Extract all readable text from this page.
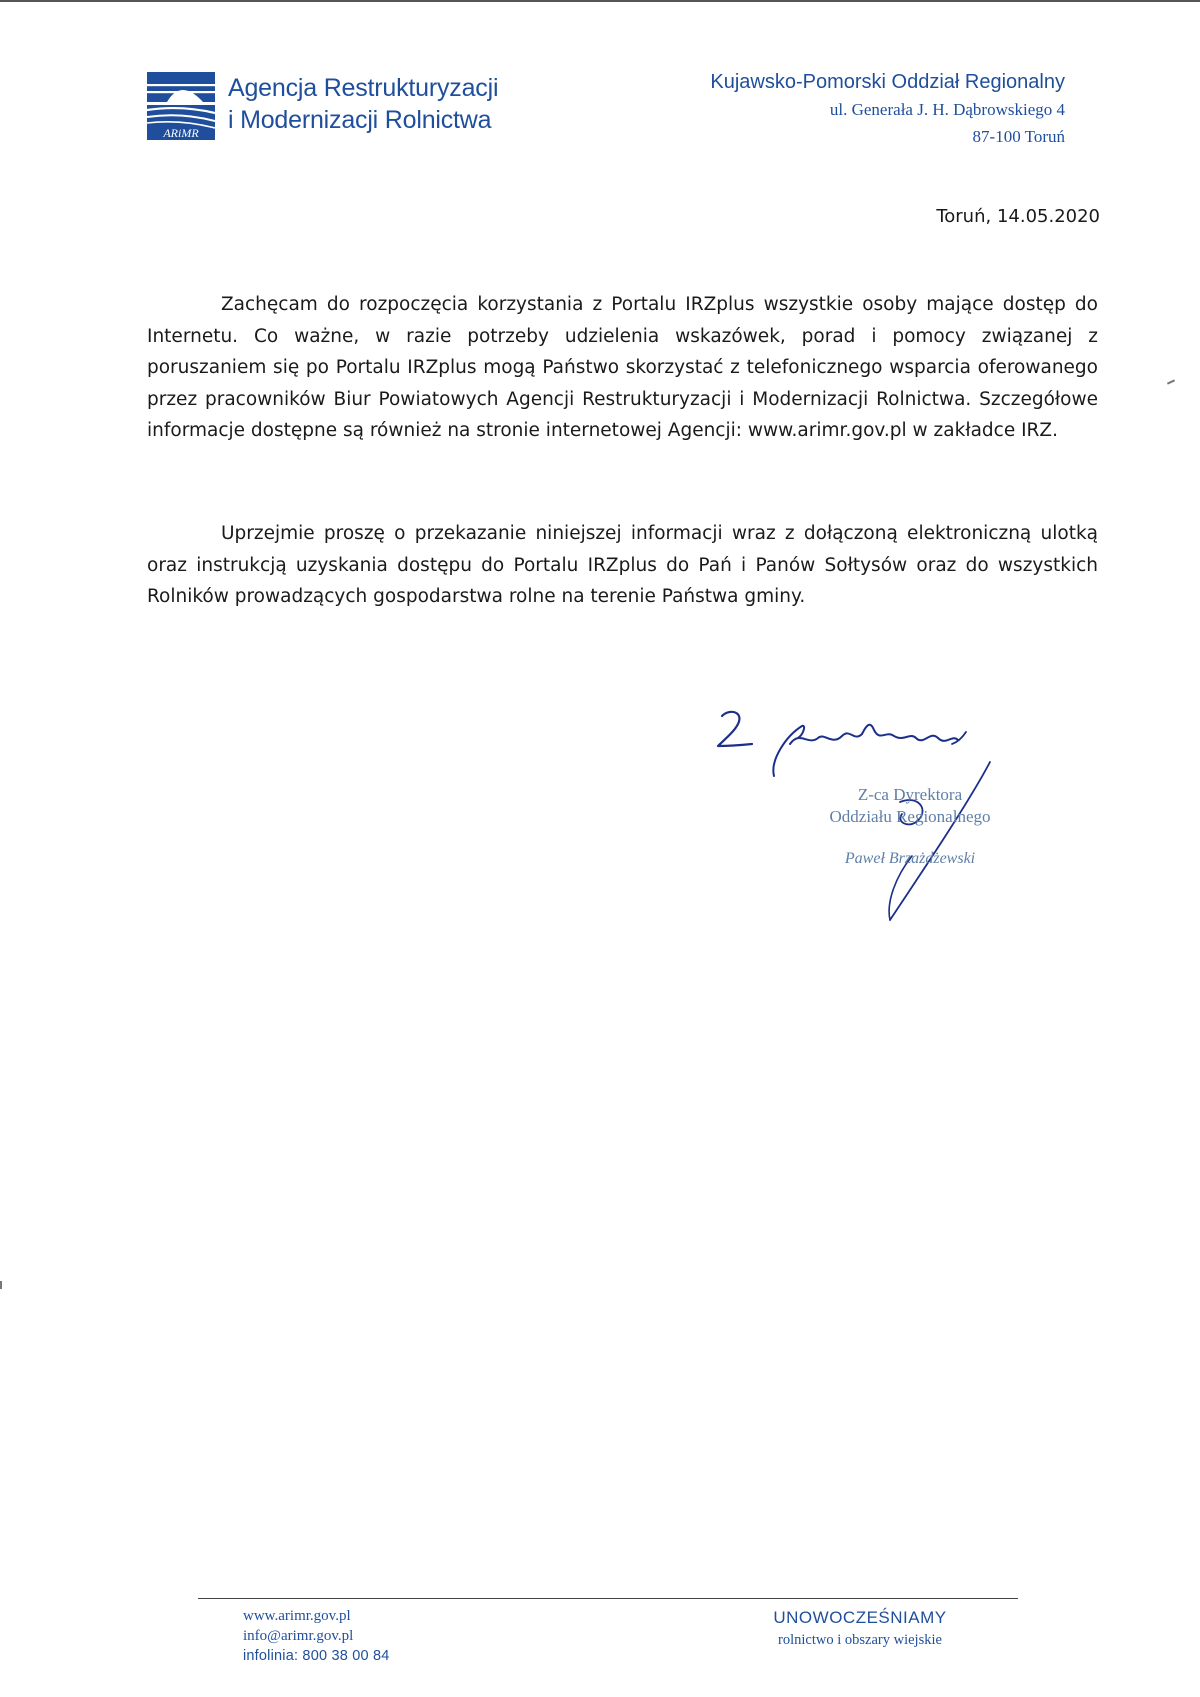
ARiMR
Agencja Restrukturyzacji
i Modernizacji Rolnictwa
Kujawsko-Pomorski Oddział Regionalny
ul. Generała J. H. Dąbrowskiego 4
87-100 Toruń
Toruń, 14.05.2020

Zachęcam do rozpoczęcia korzystania z Portalu IRZplus wszystkie osoby mające dostęp do Internetu. Co ważne, w razie potrzeby udzielenia wskazówek, porad i pomocy związanej z poruszaniem się po Portalu IRZplus mogą Państwo skorzystać z telefonicznego wsparcia oferowanego przez pracowników Biur Powiatowych Agencji Restrukturyzacji i Modernizacji Rolnictwa. Szczegółowe informacje dostępne są również na stronie internetowej Agencji: www.arimr.gov.pl w zakładce IRZ.

Uprzejmie proszę o przekazanie niniejszej informacji wraz z dołączoną elektroniczną ulotką oraz instrukcją uzyskania dostępu do Portalu IRZplus do Pań i Panów Sołtysów oraz do wszystkich Rolników prowadzących gospodarstwa rolne na terenie Państwa gminy.

Z-ca Dyrektora
Oddziału Regionalnego
Paweł Brzażdżewski
www.arimr.gov.pl
info@arimr.gov.pl
infolinia: 800 38 00 84
UNOWOCZEŚNIAMY
rolnictwo i obszary wiejskie
